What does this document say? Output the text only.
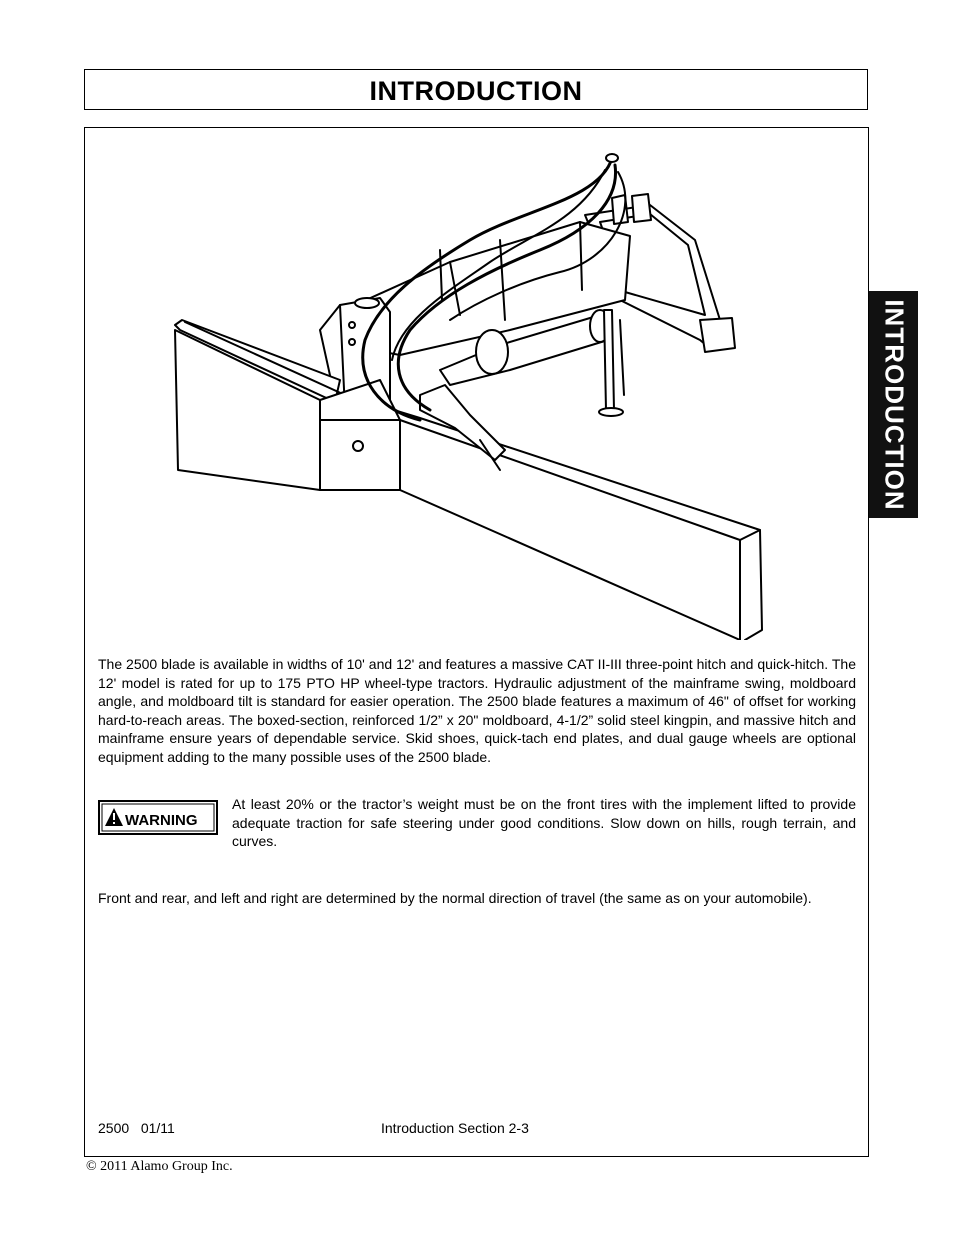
INTRODUCTION
INTRODUCTION

The 2500 blade is available in widths of 10' and 12' and features a massive CAT II-III three-point hitch and quick-hitch. The 12' model is rated for up to 175 PTO HP wheel-type tractors. Hydraulic adjustment of the mainframe swing, moldboard angle, and moldboard tilt is standard for easier operation. The 2500 blade features a maximum of 46" of offset for working hard-to-reach areas. The boxed-section, reinforced 1/2” x 20" moldboard, 4-1/2” solid steel kingpin, and massive hitch and mainframe ensure years of dependable service. Skid shoes, quick-tach end plates, and dual gauge wheels are optional equipment adding to the many possible uses of the 2500 blade.

WARNING

At least 20% or the tractor’s weight must be on the front tires with the implement lifted to provide adequate traction for safe steering under good conditions. Slow down on hills, rough terrain, and curves.

Front and rear, and left and right are determined by the normal direction of travel (the same as on your automobile).

2500   01/11	Introduction Section 2-3
© 2011 Alamo Group Inc.
